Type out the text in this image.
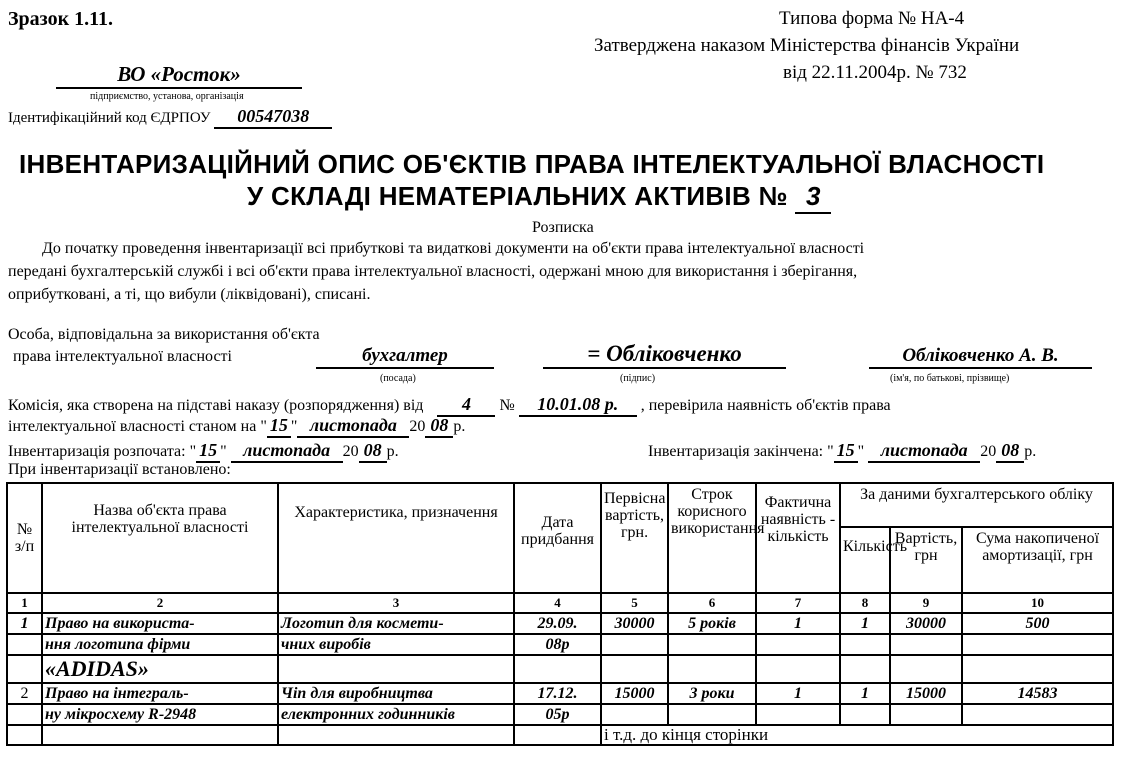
Зразок 1.11.	Типова форма № НА-4
Затверджена наказом Міністерства фінансів України
від 22.11.2004р. № 732
ВО «Росток»
підприємство, установа, організація
Ідентифікаційний код ЄДРПОУ 00547038
ІНВЕНТАРИЗАЦІЙНИЙ ОПИС ОБ'ЄКТІВ ПРАВА ІНТЕЛЕКТУАЛЬНОЇ ВЛАСНОСТІ
У СКЛАДІ НЕМАТЕРІАЛЬНИХ АКТИВІВ № 3
Розписка
До початку проведення інвентаризації всі прибуткові та видаткові документи на об'єкти права інтелектуальної власності
передані бухгалтерській службі і всі об'єкти права інтелектуальної власності, одержані мною для використання і зберігання,
оприбутковані, а ті, що вибули (ліквідовані), списані.
Особа, відповідальна за використання об'єкта
права інтелектуальної власності	бухгалтер
(посада)
= Обліковченко
(підпис)
Обліковченко А. В.
(ім'я, по батькові, прізвище)
Комісія, яка створена на підставі наказу (розпорядження) від 4 № 10.01.08 р. , перевірила наявність об'єктів права
інтелектуальної власності станом на " 15 " листопада 20 08 р.
Інвентаризація розпочата: " 15 " листопада 20 08 р.	Інвентаризація закінчена: " 15 " листопада 20 08 р.
При інвентаризації встановлено:
№ з/п	Назва об'єкта права інтелектуальної власності	Характеристика, призначення	Дата придбання	Первісна вартість, грн.	Строк корисного використання	Фактична наявність - кількість	За даними бухгалтерського обліку		
							Кількість	Вартість, грн	Сума накопиченої амортизації, грн
1	2	3	4	5	6	7	8	9	10
1	Право на використа-	Логотип для космети-	29.09.	30000	5 років	1	1	30000	500
	ння логотипа фірми	чних виробів	08р						
	«ADIDAS»								
2	Право на інтеграль-	Чіп для виробництва	17.12.	15000	3 роки	1	1	15000	14583
	ну мікросхему R-2948	електронних годинників	05р						
				і т.д. до кінця сторінки					
